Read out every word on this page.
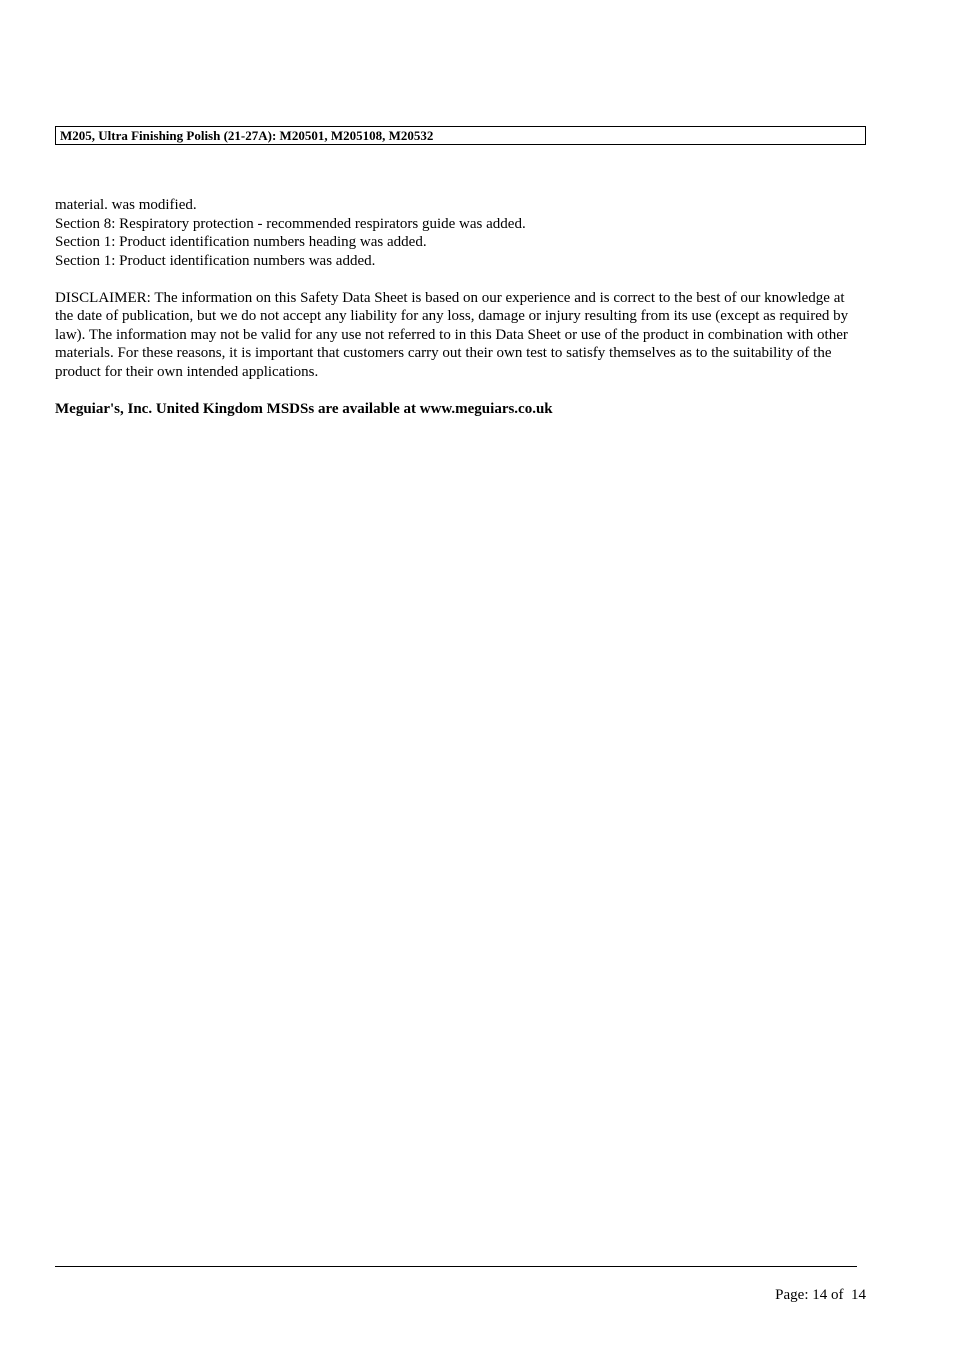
M205, Ultra Finishing Polish (21-27A): M20501, M205108, M20532
material. was modified.
Section 8: Respiratory protection - recommended respirators guide was added.
Section 1: Product identification numbers heading was added.
Section 1: Product identification numbers was added.

DISCLAIMER: The information on this Safety Data Sheet is based on our experience and is correct to the best of our knowledge at the date of publication, but we do not accept any liability for any loss, damage or injury resulting from its use (except as required by law). The information may not be valid for any use not referred to in this Data Sheet or use of the product in combination with other materials. For these reasons, it is important that customers carry out their own test to satisfy themselves as to the suitability of the product for their own intended applications.

Meguiar's, Inc. United Kingdom MSDSs are available at www.meguiars.co.uk

Page: 14 of  14
